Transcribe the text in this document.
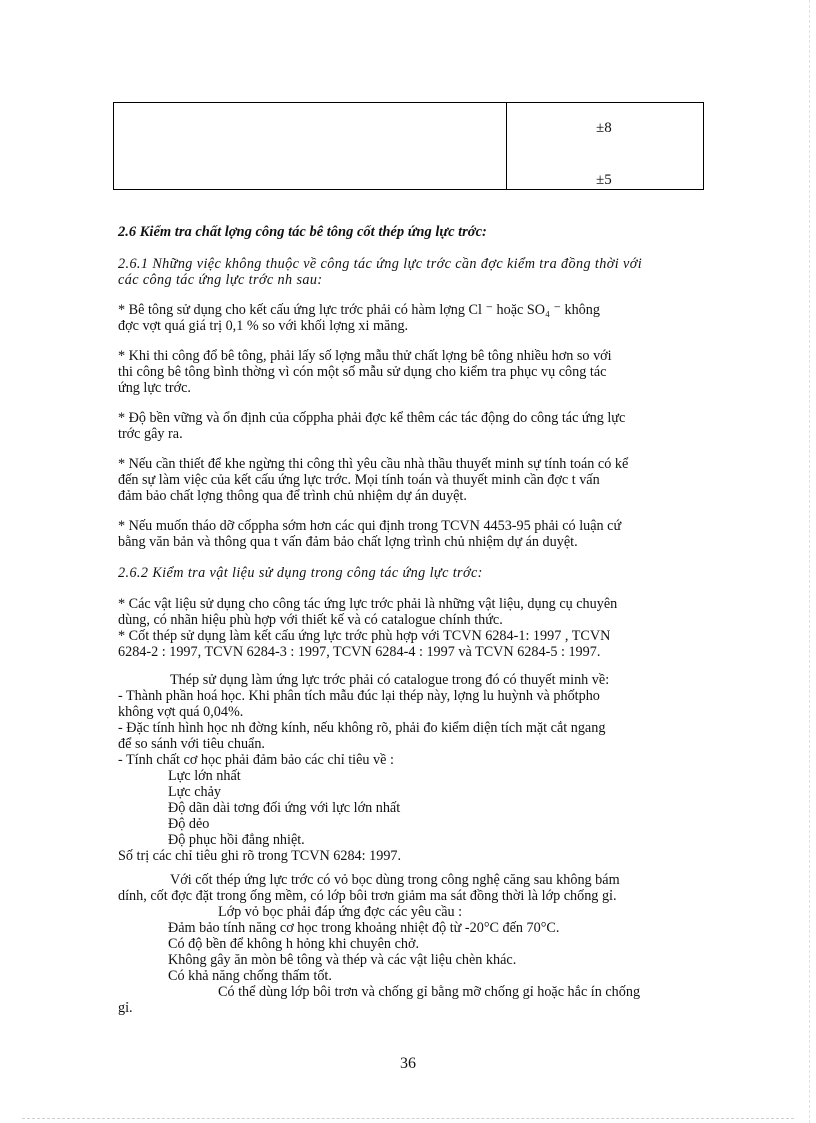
±8
±5

2.6 Kiểm tra chất lợng công tác bê tông cốt thép ứng lực trớc:

2.6.1 Những việc không thuộc về công tác ứng lực trớc cần đợc kiểm tra đồng thời với
các công tác ứng lực trớc nh sau:

* Bê tông sử dụng cho kết cấu ứng lực trớc phải có hàm lợng Cl ⁻ hoặc SO₄ ⁻ không
đợc vợt quá giá trị 0,1 % so với khối lợng xi măng.

* Khi thi công đổ bê tông, phải lấy số lợng mẫu thử chất lợng bê tông nhiều hơn so với
thi công bê tông bình thờng vì cón một số mẫu sử dụng cho kiểm tra phục vụ công tác
ứng lực trớc.

* Độ bền vững và ổn định của cốppha phải đợc kể thêm các tác động do công tác ứng lực
trớc gây ra.

* Nếu cần thiết để khe ngừng thi công thì yêu cầu nhà thầu thuyết minh sự tính toán có kể
đến sự làm việc của kết cấu ứng lực trớc. Mọi tính toán và thuyết minh cần đợc t vấn
đảm bảo chất lợng thông qua để trình chủ nhiệm dự án duyệt.

* Nếu muốn tháo dỡ cốppha sớm hơn các qui định trong TCVN 4453-95 phải có luận cứ
bằng văn bản và thông qua t vấn đảm bảo chất lợng trình chủ nhiệm dự án duyệt.

2.6.2 Kiểm tra vật liệu sử dụng trong công tác ứng lực trớc:

* Các vật liệu sử dụng cho công tác ứng lực trớc phải là những vật liệu, dụng cụ chuyên
dùng, có nhãn hiệu phù hợp với thiết kế và có catalogue chính thức.
* Cốt thép sử dụng làm kết cấu ứng lực trớc phù hợp với TCVN 6284-1: 1997 , TCVN
6284-2 : 1997, TCVN 6284-3 : 1997, TCVN 6284-4 : 1997 và TCVN 6284-5 : 1997.

Thép sử dụng làm ứng lực trớc phải có catalogue trong đó có thuyết minh về:
- Thành phần hoá học. Khi phân tích mẫu đúc lại thép này, lợng lu huỳnh và phốtpho
không vợt quá 0,04%.
- Đặc tính hình học nh đờng kính, nếu không rõ, phải đo kiểm diện tích mặt cắt ngang
để so sánh với tiêu chuẩn.
- Tính chất cơ học phải đảm bảo các chỉ tiêu về :
Lực lớn nhất
Lực chảy
Độ dãn dài tơng đối ứng với lực lớn nhất
Độ dẻo
Độ phục hồi đẳng nhiệt.
Số trị các chỉ tiêu ghi rõ trong TCVN 6284: 1997.

Với cốt thép ứng lực trớc có vỏ bọc dùng trong công nghệ căng sau không bám
dính, cốt đợc đặt trong ống mềm, có lớp bôi trơn giảm ma sát đồng thời là lớp chống gỉ.
Lớp vỏ bọc phải đáp ứng đợc các yêu cầu :
Đảm bảo tính năng cơ học trong khoảng nhiệt độ từ -20°C đến 70°C.
Có độ bền để không h hỏng khi chuyên chở.
Không gây ăn mòn bê tông và thép và các vật liệu chèn khác.
Có khả năng chống thấm tốt.
Có thể dùng lớp bôi trơn và chống gỉ bằng mỡ chống gỉ hoặc hắc ín chống
gỉ.

36
